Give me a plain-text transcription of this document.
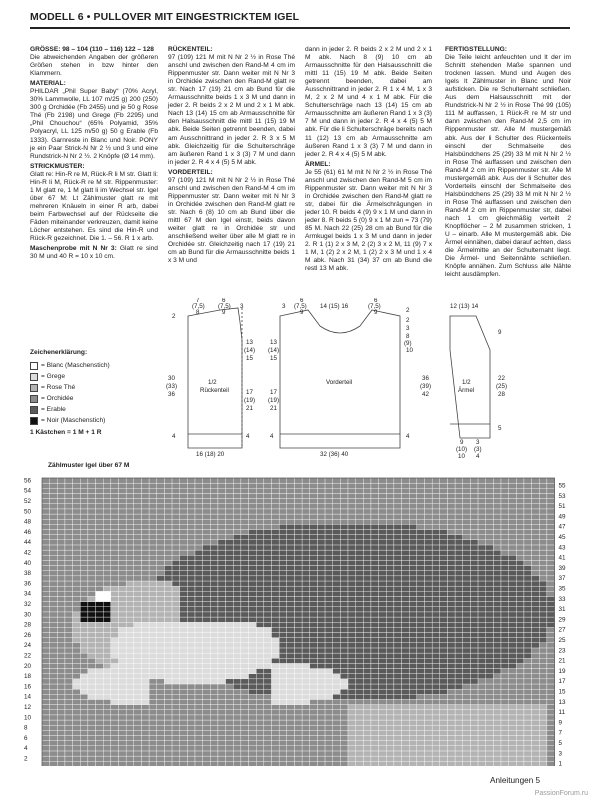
MODELL 6 • PULLOVER MIT EINGESTRICKTEM IGEL

GRÖSSE: 98 – 104 (110 – 116) 122 – 128
Die abweichenden Angaben der größeren Größen stehen in bzw hinter den Klammern.

MATERIAL:
PHILDAR „Phil Super Baby“ (70% Acryl, 30% Lammwolle, LL 107 m/25 g) 200 (250) 300 g Orchidée (Fb 2455) und je 50 g Rose Thé (Fb 2198) und Grege (Fb 2295) und „Phil Chouchou“ (65% Polyamid, 35% Polyacryl, LL 125 m/50 g) 50 g Erable (Fb 1333). Garnreste in Blanc und Noir. PONY je ein Paar Strick-N Nr 2 ½ und 3 und eine Rundstrick-N Nr 2 ½. 2 Knöpfe (Ø 14 mm).

STRICKMUSTER:
Glatt re: Hin-R re M, Rück-R li M str. Glatt li: Hin-R li M, Rück-R re M str. Rippenmuster: 1 M glatt re, 1 M glatt li im Wechsel str. Igel über 67 M: Lt Zählmuster glatt re mit mehreren Knäueln in einer R arb, dabei beim Farbwechsel auf der Rückseite die Fäden miteinander verkreuzen, damit keine Löcher entstehen. Es sind die Hin-R und Rück-R gezeichnet. Die 1. – 56. R 1 x arb.

Maschenprobe mit N Nr 3: Glatt re sind 30 M und 40 R = 10 x 10 cm.

RÜCKENTEIL:
97 (109) 121 M mit N Nr 2 ½ in Rose Thé anschl und zwischen den Rand-M 4 cm im Rippenmuster str. Dann weiter mit N Nr 3 in Orchidée zwischen den Rand-M glatt re str. Nach 17 (19) 21 cm ab Bund für die Armausschnitte beids 1 x 3 M und dann in jeder 2. R beids 2 x 2 M und 2 x 1 M abk. Nach 13 (14) 15 cm ab Armausschnitte für den Halsausschnitt die mittl 11 (15) 19 M abk. Beide Seiten getrennt beenden, dabei am Ausschnittrand in jeder 2. R 3 x 5 M abk. Gleichzeitig für die Schulterschräge am äußeren Rand 1 x 3 (3) 7 M und dann in jeder 2. R 4 x 4 (5) 5 M abk.

VORDERTEIL:
97 (109) 121 M mit N Nr 2 ½ in Rose Thé anschl und zwischen den Rand-M 4 cm im Rippenmuster str. Dann weiter mit N Nr 3 in Orchidée zwischen den Rand-M glatt re str. Nach 6 (8) 10 cm ab Bund über die mittl 67 M den Igel einstr, beids davon weiter glatt re in Orchidée str und anschließend weiter über alle M glatt re in Orchidée str. Gleichzeitig nach 17 (19) 21 cm ab Bund für die Armausschnitte beids 1 x 3 M und

dann in jeder 2. R beids 2 x 2 M und 2 x 1 M abk. Nach 8 (9) 10 cm ab Armausschnitte für den Halsausschnitt die mittl 11 (15) 19 M abk. Beide Seiten getrennt beenden, dabei am Ausschnittrand in jeder 2. R 1 x 4 M, 1 x 3 M, 2 x 2 M und 4 x 1 M abk. Für die Schulterschräge nach 13 (14) 15 cm ab Armausschnitte am äußeren Rand 1 x 3 (3) 7 M und dann in jeder 2. R 4 x 4 (5) 5 M abk. Für die li Schulterschräge bereits nach 11 (12) 13 cm ab Armausschnitte am äußeren Rand 1 x 3 (3) 7 M und dann in jeder 2. R 4 x 4 (5) 5 M abk.

ÄRMEL:
Je 55 (61) 61 M mit N Nr 2 ½ in Rose Thé anschl und zwischen den Rand-M 5 cm im Rippenmuster str. Dann weiter mit N Nr 3 in Orchidée zwischen den Rand-M glatt re str, dabei für die Ärmelschrägungen in jeder 10. R beids 4 (9) 9 x 1 M und dann in jeder 8. R beids 5 (0) 9 x 1 M zun = 73 (79) 85 M. Nach 22 (25) 28 cm ab Bund für die Armkugel beids 1 x 3 M und dann in jeder 2. R 1 (1) 2 x 3 M, 2 (2) 3 x 2 M, 11 (9) 7 x 1 M, 1 (2) 2 x 2 M, 1 (2) 2 x 3 M und 1 x 4 M abk. Nach 31 (34) 37 cm ab Bund die restl 13 M abk.

FERTIGSTELLUNG:
Die Teile leicht anfeuchten und lt der im Schnitt stehenden Maße spannen und trocknen lassen. Mund und Augen des Igels lt Zählmuster in Blanc und Noir aufsticken. Die re Schulternaht schließen. Aus dem Halsausschnitt mit der Rundstrick-N Nr 2 ½ in Rose Thé 99 (105) 111 M auffassen, 1 Rück-R re M str und dann zwischen den Rand-M 2,5 cm im Rippenmuster str. Alle M mustergemäß abk. Aus der li Schulter des Rückenteils einschl der Schmalseite des Halsbündchens 25 (29) 33 M mit N Nr 2 ½ in Rose Thé auffassen und zwischen den Rand-M 2 cm im Rippenmuster str. Alle M mustergemäß abk. Aus der li Schulter des Vorderteils einschl der Schmalseite des Halsbündchens 25 (29) 33 M mit N Nr 2 ½ in Rose Thé auffassen und zwischen den Rand-M 2 cm im Rippenmuster str, dabei nach 1 cm gleichmäßig verteilt 2 Knopflöcher – 2 M zusammen stricken, 1 U – einarb. Alle M mustergemäß abk. Die Ärmel einnähen, dabei darauf achten, dass die Ärmelmitte an der Schulternaht liegt. Die Ärmel- und Seitennähte schließen. Knöpfe annähen. Zum Schluss alle Nähte leicht ausdämpfen.

Zeichenerklärung:
= Blanc (Maschenstich)
= Grege
= Rose Thé
= Orchidée
= Erable
= Noir (Maschenstich)
1 Kästchen = 1 M + 1 R
1/2
Rückenteil
7
(7,5)
8
6
(7,5)
9
3
2
30
(33)
36
13
(14)
15
17
(19)
21
4	4
16 (18) 20
Vorderteil
3
6
(7,5)
9
14 (15) 16
6
(7,5)
9	2
2
3
8
(9)
10
13
(14)
15
17
(19)
21
36
(39)
42
4	4
32 (36) 40
1/2
Ärmel
12 (13) 14
9
22
(25)
28
5
9
(10)
10
3
(3)
4
Zählmuster Igel über 67 M
56
54
52
50
48
46
44
42
40
38
36
34
32
30
28
26
24
22
20
18
16
14
12
10
8
6
4
2
55
53
51
49
47
45
43
41
39
37
35
33
31
29
27
25
23
21
19
17
15
13
11
9
7
5
3
1
Anleitungen 5
PassionForum.ru
